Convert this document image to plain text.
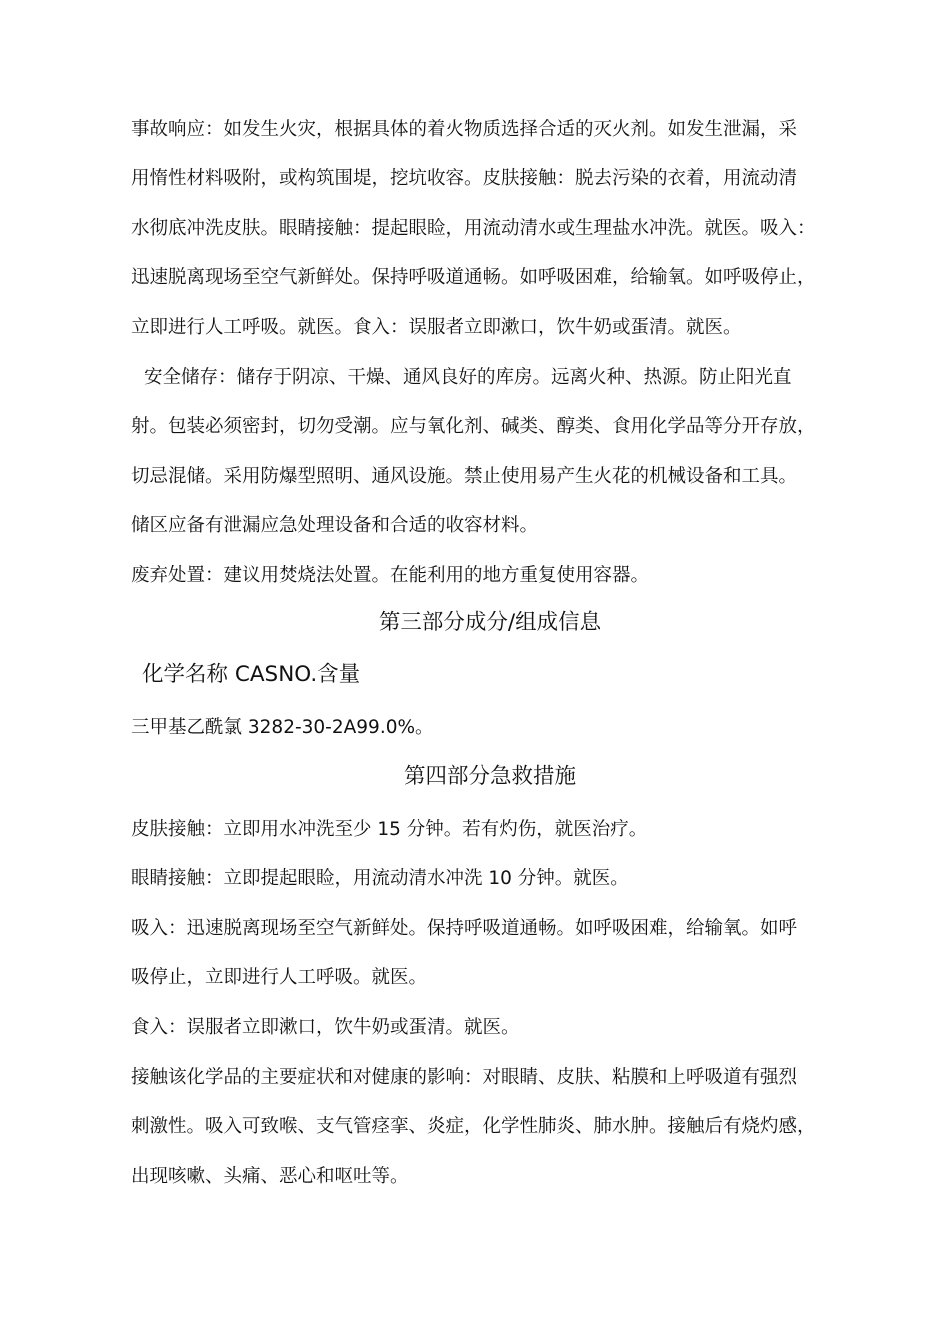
事故响应：如发生火灾，根据具体的着火物质选择合适的灭火剂。如发生泄漏，采
用惰性材料吸附，或构筑围堤，挖坑收容。皮肤接触：脱去污染的衣着，用流动清
水彻底冲洗皮肤。眼睛接触：提起眼睑，用流动清水或生理盐水冲洗。就医。吸入：
迅速脱离现场至空气新鲜处。保持呼吸道通畅。如呼吸困难，给输氧。如呼吸停止，
立即进行人工呼吸。就医。食入：误服者立即漱口，饮牛奶或蛋清。就医。
安全储存：储存于阴凉、干燥、通风良好的库房。远离火种、热源。防止阳光直
射。包装必须密封，切勿受潮。应与氧化剂、碱类、醇类、食用化学品等分开存放，
切忌混储。采用防爆型照明、通风设施。禁止使用易产生火花的机械设备和工具。
储区应备有泄漏应急处理设备和合适的收容材料。
废弃处置：建议用焚烧法处置。在能利用的地方重复使用容器。
第三部分成分/组成信息
化学名称 CASNO.含量
三甲基乙酰氯 3282-30-2A99.0%。
第四部分急救措施
皮肤接触：立即用水冲洗至少 15 分钟。若有灼伤，就医治疗。
眼睛接触：立即提起眼睑，用流动清水冲洗 10 分钟。就医。
吸入：迅速脱离现场至空气新鲜处。保持呼吸道通畅。如呼吸困难，给输氧。如呼
吸停止，立即进行人工呼吸。就医。
食入：误服者立即漱口，饮牛奶或蛋清。就医。
接触该化学品的主要症状和对健康的影响：对眼睛、皮肤、粘膜和上呼吸道有强烈
刺激性。吸入可致喉、支气管痉挛、炎症，化学性肺炎、肺水肿。接触后有烧灼感，
出现咳嗽、头痛、恶心和呕吐等。
